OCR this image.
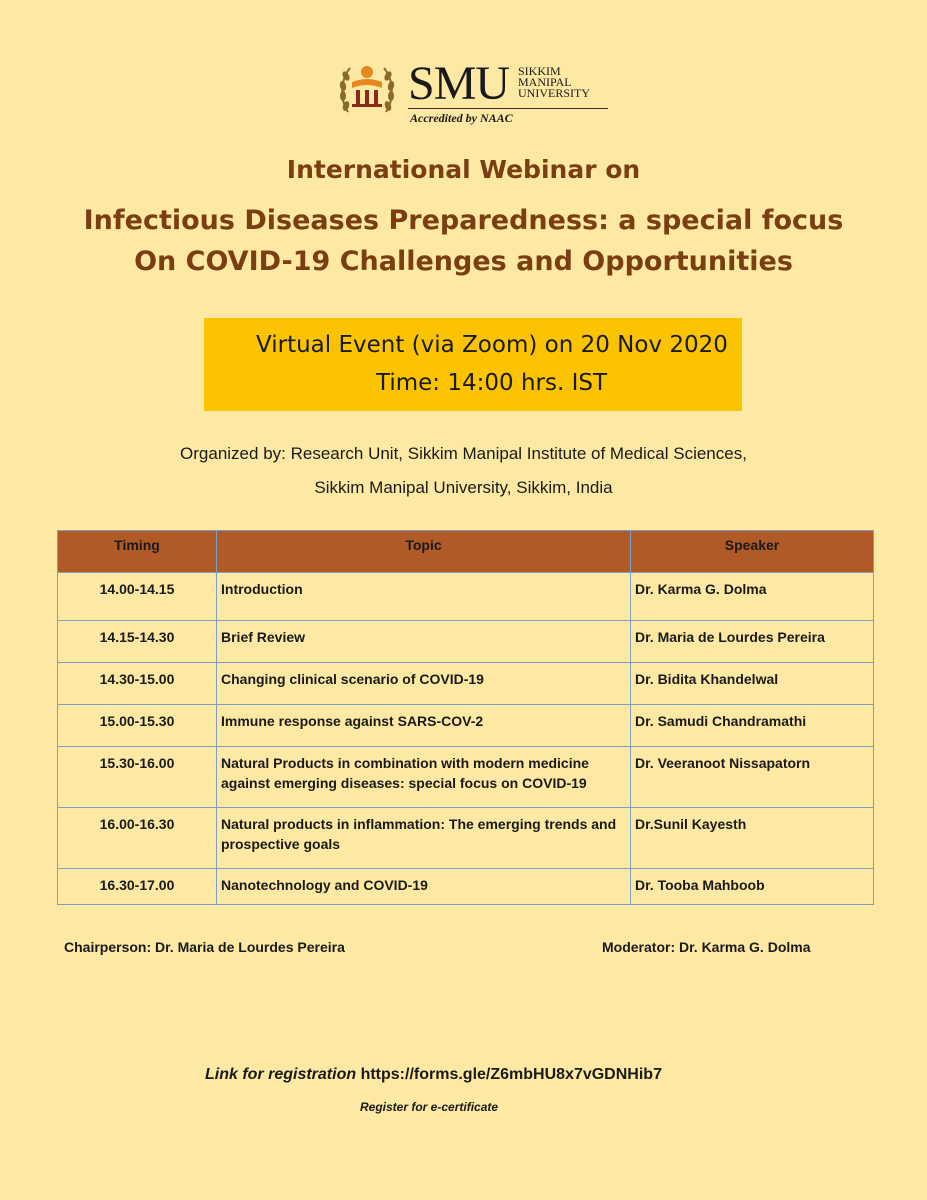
SMU SIKKIM
MANIPAL
UNIVERSITY
Accredited by NAAC
International Webinar on
Infectious Diseases Preparedness: a special focus
On COVID-19 Challenges and Opportunities
Virtual Event (via Zoom) on 20 Nov 2020
Time: 14:00 hrs. IST
Organized by: Research Unit, Sikkim Manipal Institute of Medical Sciences,
Sikkim Manipal University, Sikkim, India
Timing	Topic	Speaker
14.00-14.15	Introduction	Dr. Karma G. Dolma
14.15-14.30	Brief Review	Dr. Maria de Lourdes Pereira
14.30-15.00	Changing clinical scenario of COVID-19	Dr. Bidita Khandelwal
15.00-15.30	Immune response against SARS-COV-2	Dr. Samudi Chandramathi
15.30-16.00	Natural Products in combination with modern medicine against emerging diseases: special focus on COVID-19	Dr. Veeranoot Nissapatorn
16.00-16.30	Natural products in inflammation: The emerging trends and prospective goals	Dr.Sunil Kayesth
16.30-17.00	Nanotechnology and COVID-19	Dr. Tooba Mahboob
Chairperson: Dr. Maria de Lourdes Pereira	Moderator: Dr. Karma G. Dolma
Link for registration https://forms.gle/Z6mbHU8x7vGDNHib7
Register for e-certificate
